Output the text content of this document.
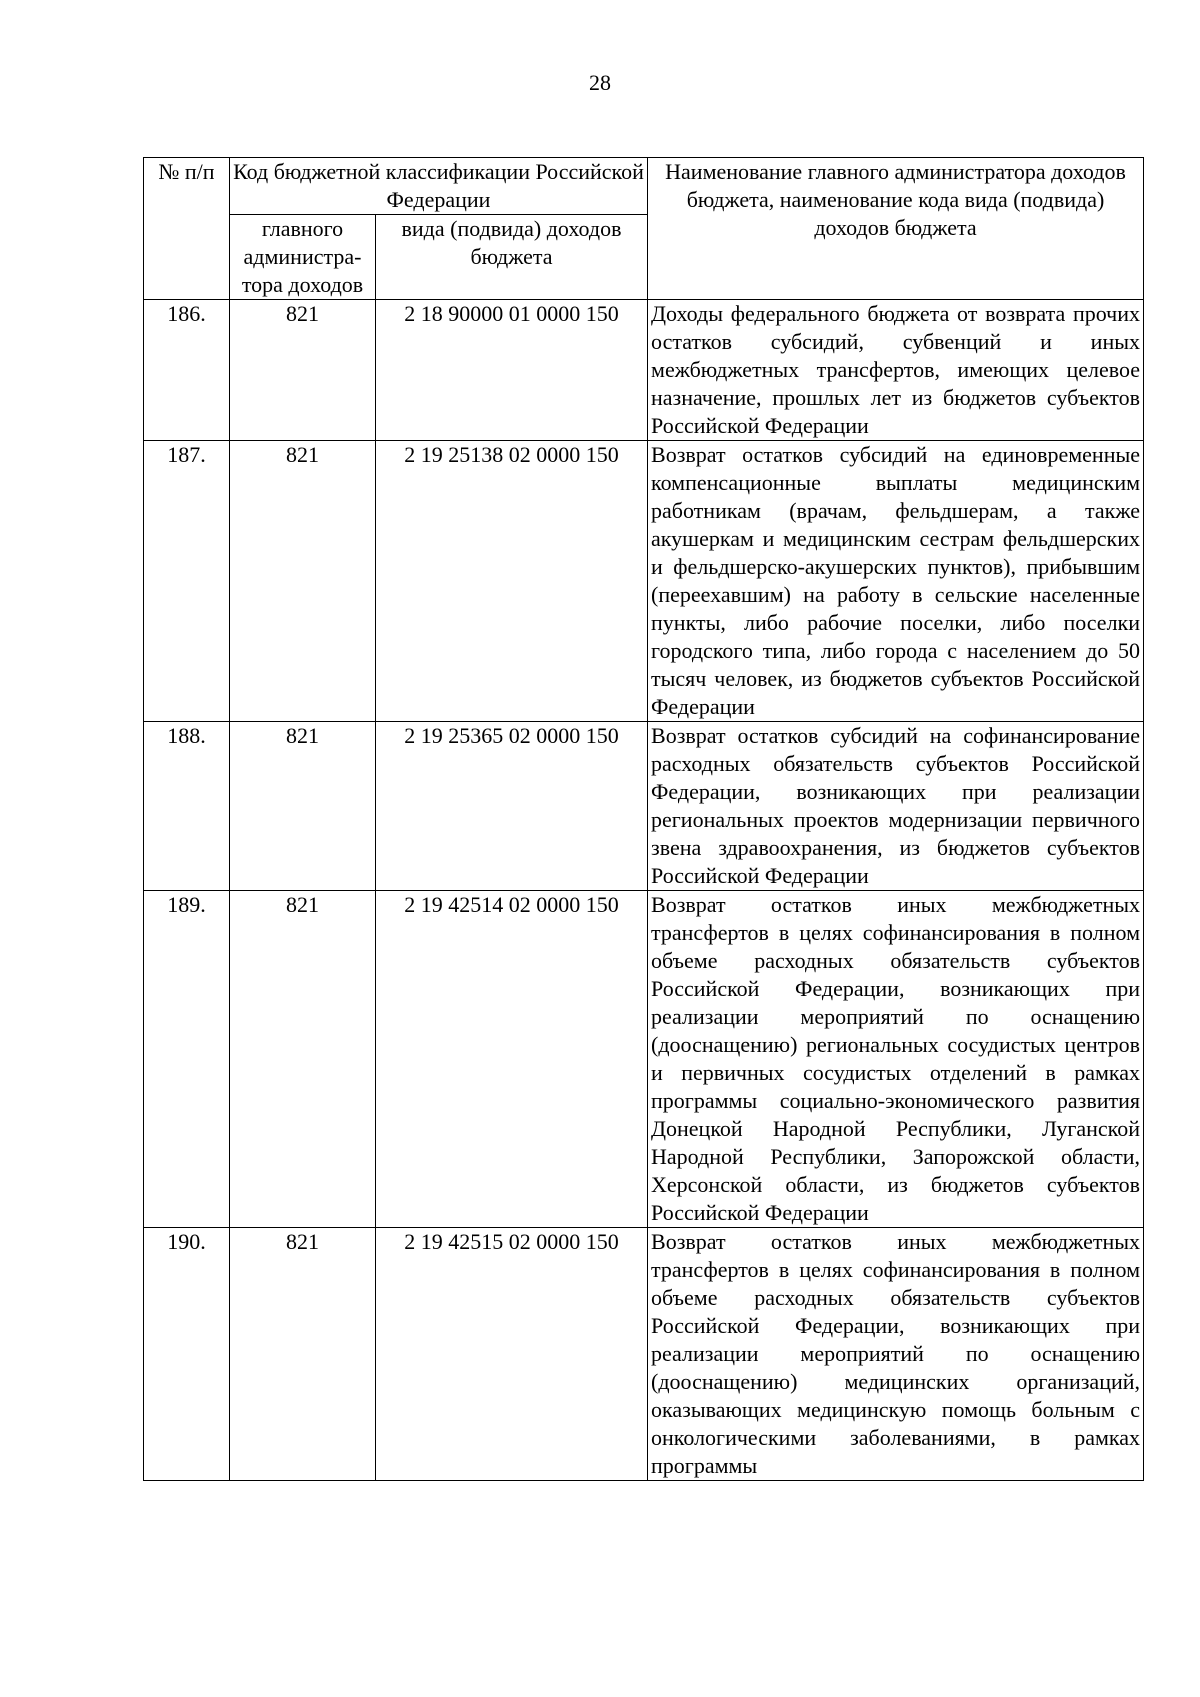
28
№ п/п	Код бюджетной классификации Российской Федерации		Наименование главного администратора доходов бюджета, наименование кода вида (подвида) доходов бюджета
	главного администра-тора доходов	вида (подвида) доходов бюджета	
186.	821	2 18 90000 01 0000 150	Доходы федерального бюджета от возврата прочих остатков субсидий, субвенций и иных межбюджетных трансфертов, имеющих целевое назначение, прошлых лет из бюджетов субъектов Российской Федерации
187.	821	2 19 25138 02 0000 150	Возврат остатков субсидий на единовременные компенсационные выплаты медицинским работникам (врачам, фельдшерам, а также акушеркам и медицинским сестрам фельдшерских и фельдшерско-акушерских пунктов), прибывшим (переехавшим) на работу в сельские населенные пункты, либо рабочие поселки, либо поселки городского типа, либо города с населением до 50 тысяч человек, из бюджетов субъектов Российской Федерации
188.	821	2 19 25365 02 0000 150	Возврат остатков субсидий на софинансирование расходных обязательств субъектов Российской Федерации, возникающих при реализации региональных проектов модернизации первичного звена здравоохранения, из бюджетов субъектов Российской Федерации
189.	821	2 19 42514 02 0000 150	Возврат остатков иных межбюджетных трансфертов в целях софинансирования в полном объеме расходных обязательств субъектов Российской Федерации, возникающих при реализации мероприятий по оснащению (дооснащению) региональных сосудистых центров и первичных сосудистых отделений в рамках программы социально-экономического развития Донецкой Народной Республики, Луганской Народной Республики, Запорожской области, Херсонской области, из бюджетов субъектов Российской Федерации
190.	821	2 19 42515 02 0000 150	Возврат остатков иных межбюджетных трансфертов в целях софинансирования в полном объеме расходных обязательств субъектов Российской Федерации, возникающих при реализации мероприятий по оснащению (дооснащению) медицинских организаций, оказывающих медицинскую помощь больным с онкологическими заболеваниями, в рамках программы
